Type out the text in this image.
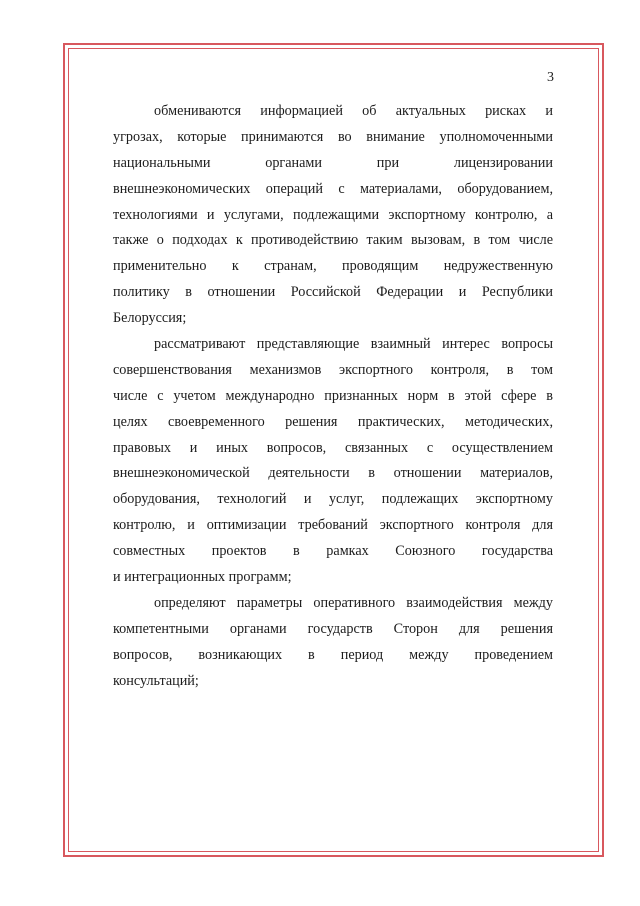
3
обмениваются информацией об актуальных рисках и
угрозах, которые принимаются во внимание уполномоченными
национальными органами при лицензировании
внешнеэкономических операций с материалами, оборудованием,
технологиями и услугами, подлежащими экспортному контролю, а
также о подходах к противодействию таким вызовам, в том числе
применительно к странам, проводящим недружественную
политику в отношении Российской Федерации и Республики
Белоруссия;
рассматривают представляющие взаимный интерес вопросы
совершенствования механизмов экспортного контроля, в том
числе с учетом международно признанных норм в этой сфере в
целях своевременного решения практических, методических,
правовых и иных вопросов, связанных с осуществлением
внешнеэкономической деятельности в отношении материалов,
оборудования, технологий и услуг, подлежащих экспортному
контролю, и оптимизации требований экспортного контроля для
совместных проектов в рамках Союзного государства
и интеграционных программ;
определяют параметры оперативного взаимодействия между
компетентными органами государств Сторон для решения
вопросов, возникающих в период между проведением
консультаций;
